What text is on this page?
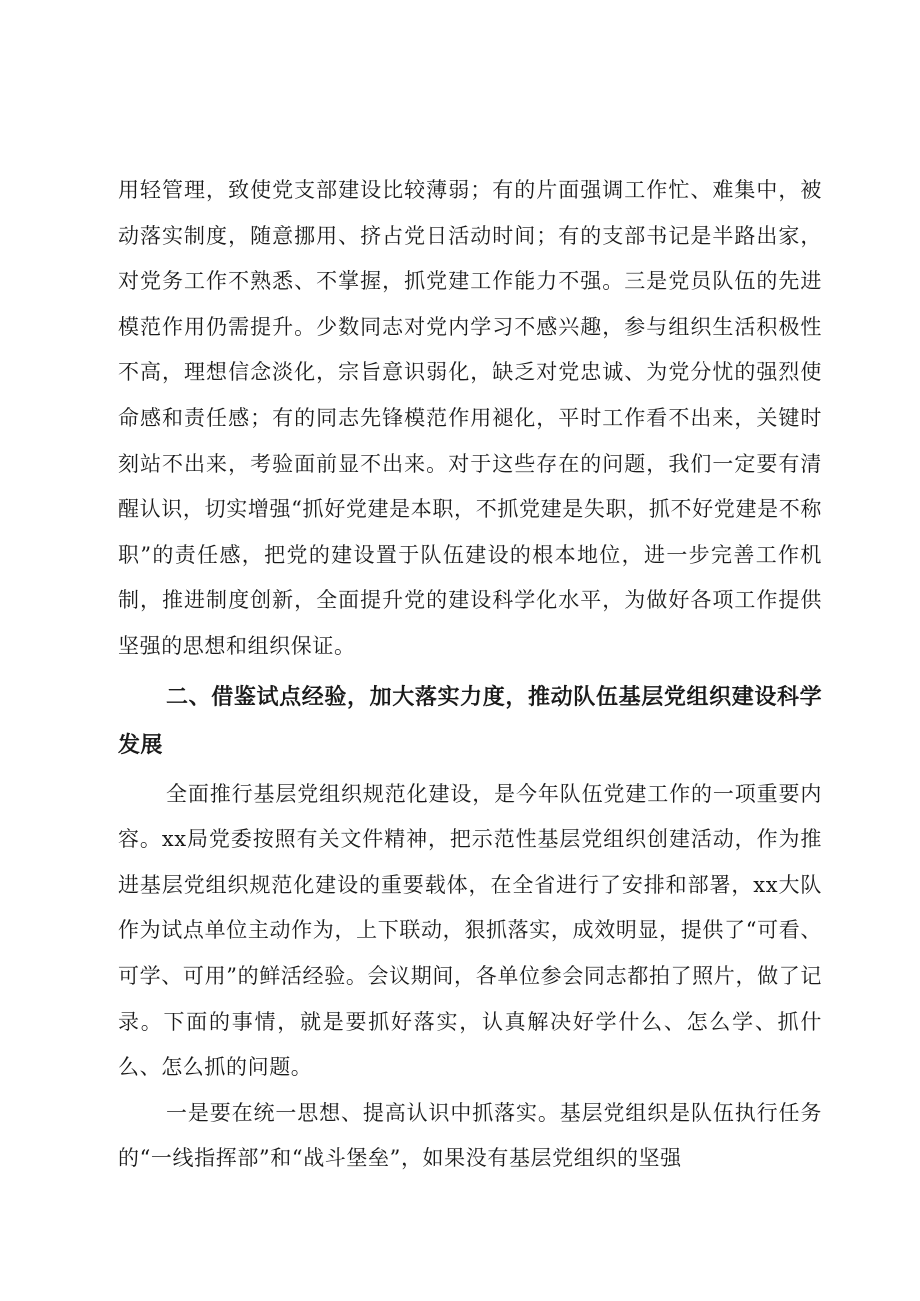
用轻管理，致使党支部建设比较薄弱；有的片面强调工作忙、难集中，被动落实制度，随意挪用、挤占党日活动时间；有的支部书记是半路出家，对党务工作不熟悉、不掌握，抓党建工作能力不强。三是党员队伍的先进模范作用仍需提升。少数同志对党内学习不感兴趣，参与组织生活积极性不高，理想信念淡化，宗旨意识弱化，缺乏对党忠诚、为党分忧的强烈使命感和责任感；有的同志先锋模范作用褪化，平时工作看不出来，关键时刻站不出来，考验面前显不出来。对于这些存在的问题，我们一定要有清醒认识，切实增强“抓好党建是本职，不抓党建是失职，抓不好党建是不称职”的责任感，把党的建设置于队伍建设的根本地位，进一步完善工作机制，推进制度创新，全面提升党的建设科学化水平，为做好各项工作提供坚强的思想和组织保证。

二、借鉴试点经验，加大落实力度，推动队伍基层党组织建设科学发展

全面推行基层党组织规范化建设，是今年队伍党建工作的一项重要内容。xx局党委按照有关文件精神，把示范性基层党组织创建活动，作为推进基层党组织规范化建设的重要载体，在全省进行了安排和部署，xx大队作为试点单位主动作为，上下联动，狠抓落实，成效明显，提供了“可看、可学、可用”的鲜活经验。会议期间，各单位参会同志都拍了照片，做了记录。下面的事情，就是要抓好落实，认真解决好学什么、怎么学、抓什么、怎么抓的问题。

一是要在统一思想、提高认识中抓落实。基层党组织是队伍执行任务的“一线指挥部”和“战斗堡垒”，如果没有基层党组织的坚强
